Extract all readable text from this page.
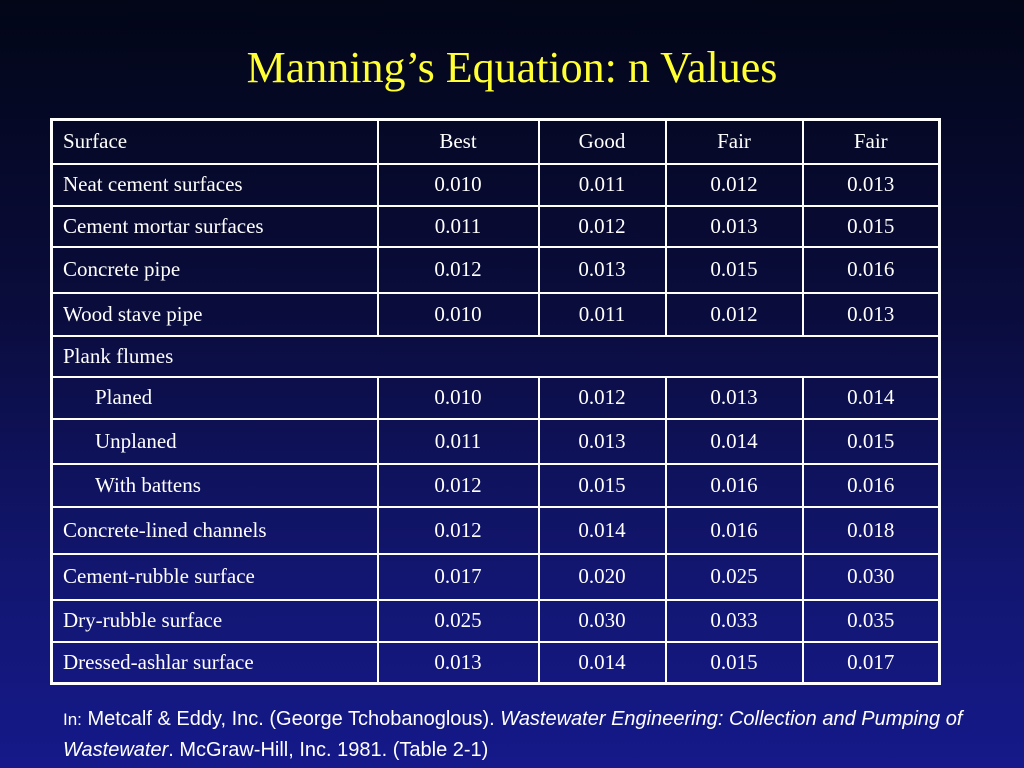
Manning’s Equation: n Values
Surface	Best	Good	Fair	Fair
Neat cement surfaces	0.010	0.011	0.012	0.013
Cement mortar surfaces	0.011	0.012	0.013	0.015
Concrete pipe	0.012	0.013	0.015	0.016
Wood stave pipe	0.010	0.011	0.012	0.013
Plank flumes				
Planed	0.010	0.012	0.013	0.014
Unplaned	0.011	0.013	0.014	0.015
With battens	0.012	0.015	0.016	0.016
Concrete-lined channels	0.012	0.014	0.016	0.018
Cement-rubble surface	0.017	0.020	0.025	0.030
Dry-rubble surface	0.025	0.030	0.033	0.035
Dressed-ashlar surface	0.013	0.014	0.015	0.017
In: Metcalf & Eddy, Inc. (George Tchobanoglous). Wastewater Engineering: Collection and Pumping of Wastewater. McGraw-Hill, Inc. 1981. (Table 2-1)
